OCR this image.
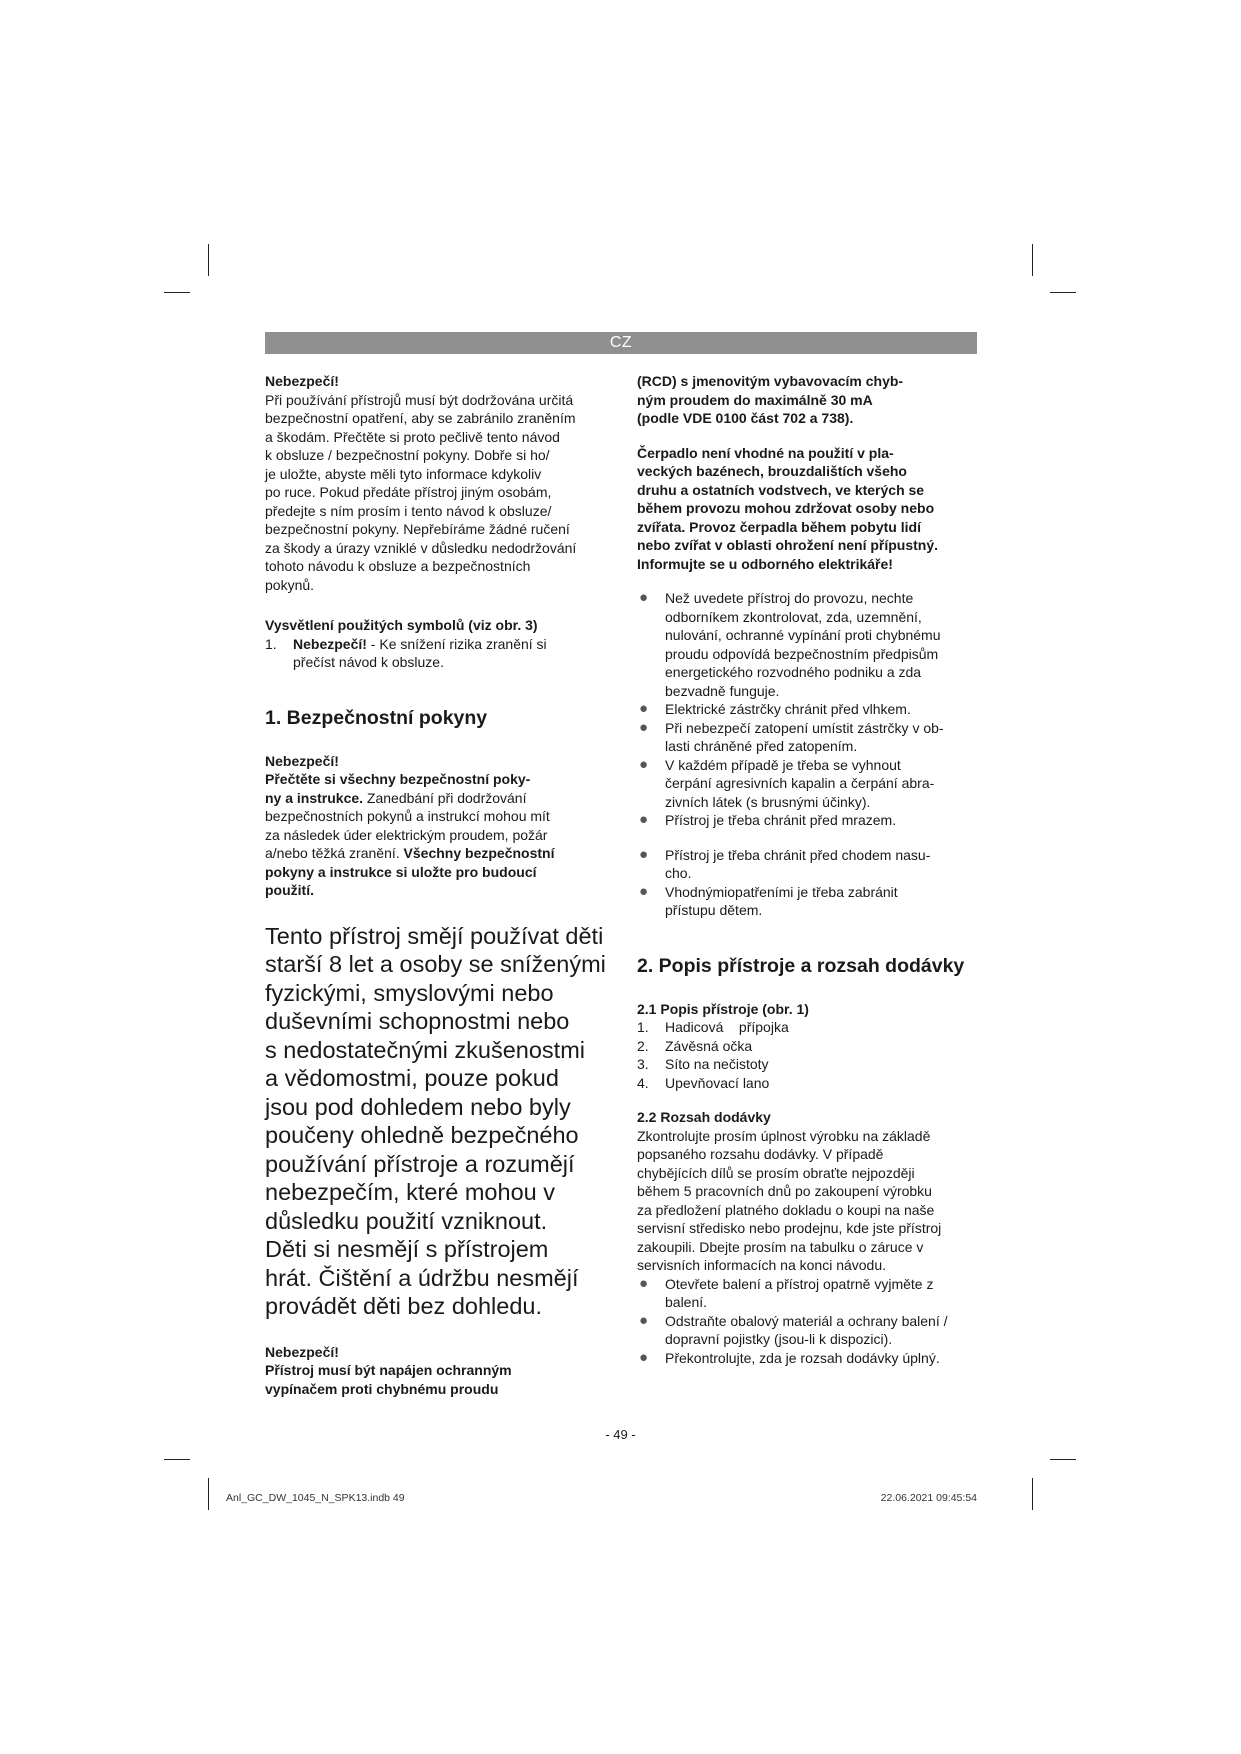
CZ

Nebezpečí!

Při používání přístrojů musí být dodržována určitá
bezpečnostní opatření, aby se zabránilo zraněním
a škodám. Přečtěte si proto pečlivě tento návod
k obsluze / bezpečnostní pokyny. Dobře si ho/
je uložte, abyste měli tyto informace kdykoliv
po ruce. Pokud předáte přístroj jiným osobám,
předejte s ním prosím i tento návod k obsluze/
bezpečnostní pokyny. Nepřebíráme žádné ručení
za škody a úrazy vzniklé v důsledku nedodržování
tohoto návodu k obsluze a bezpečnostních
pokynů.

Vysvětlení použitých symbolů (viz obr. 3)

1. Nebezpečí! - Ke snížení rizika zranění si
přečíst návod k obsluze.
1. Bezpečnostní pokyny

Nebezpečí!

Přečtěte si všechny bezpečnostní poky-
ny a instrukce. Zanedbání při dodržování
bezpečnostních pokynů a instrukcí mohou mít
za následek úder elektrickým proudem, požár
a/nebo těžká zranění. Všechny bezpečnostní
pokyny a instrukce si uložte pro budoucí
použití.

Tento přístroj smějí používat děti
starší 8 let a osoby se sníženými
fyzickými, smyslovými nebo
duševními schopnostmi nebo
s nedostatečnými zkušenostmi
a vědomostmi, pouze pokud
jsou pod dohledem nebo byly
poučeny ohledně bezpečného
používání přístroje a rozumějí
nebezpečím, které mohou v
důsledku použití vzniknout.
Děti si nesmějí s přístrojem
hrát. Čištění a údržbu nesmějí
provádět děti bez dohledu.

Nebezpečí!

Přístroj musí být napájen ochranným
vypínačem proti chybnému proudu

(RCD) s jmenovitým vybavovacím chyb-
ným proudem do maximálně 30 mA
(podle VDE 0100 část 702 a 738).

Čerpadlo není vhodné na použití v pla-
veckých bazénech, brouzdalištích všeho
druhu a ostatních vodstvech, ve kterých se
během provozu mohou zdržovat osoby nebo
zvířata. Provoz čerpadla během pobytu lidí
nebo zvířat v oblasti ohrožení není přípustný.
Informujte se u odborného elektrikáře!

● Než uvedete přístroj do provozu, nechte
odborníkem zkontrolovat, zda, uzemnění,
nulování, ochranné vypínání proti chybnému
proudu odpovídá bezpečnostním předpisům
energetického rozvodného podniku a zda
bezvadně funguje.
● Elektrické zástrčky chránit před vlhkem.
● Při nebezpečí zatopení umístit zástrčky v ob-
lasti chráněné před zatopením.
● V každém případě je třeba se vyhnout
čerpání agresivních kapalin a čerpání abra-
zivních látek (s brusnými účinky).
● Přístroj je třeba chránit před mrazem.
● Přístroj je třeba chránit před chodem nasu-
cho.
● Vhodnýmiopatřeními je třeba zabránit
přístupu dětem.
2. Popis přístroje a rozsah dodávky
2.1 Popis přístroje (obr. 1)
1. Hadicová    přípojka
2. Závěsná očka
3. Síto na nečistoty
4. Upevňovací lano
2.2 Rozsah dodávky
Zkontrolujte prosím úplnost výrobku na základě
popsaného rozsahu dodávky. V případě
chybějících dílů se prosím obraťte nejpozději
během 5 pracovních dnů po zakoupení výrobku
za předložení platného dokladu o koupi na naše
servisní středisko nebo prodejnu, kde jste přístroj
zakoupili. Dbejte prosím na tabulku o záruce v
servisních informacích na konci návodu.

● Otevřete balení a přístroj opatrně vyjměte z
balení.
● Odstraňte obalový materiál a ochrany balení /
dopravní pojistky (jsou-li k dispozici).
● Překontrolujte, zda je rozsah dodávky úplný.
- 49 -
Anl_GC_DW_1045_N_SPK13.indb 49	22.06.2021 09:45:54
